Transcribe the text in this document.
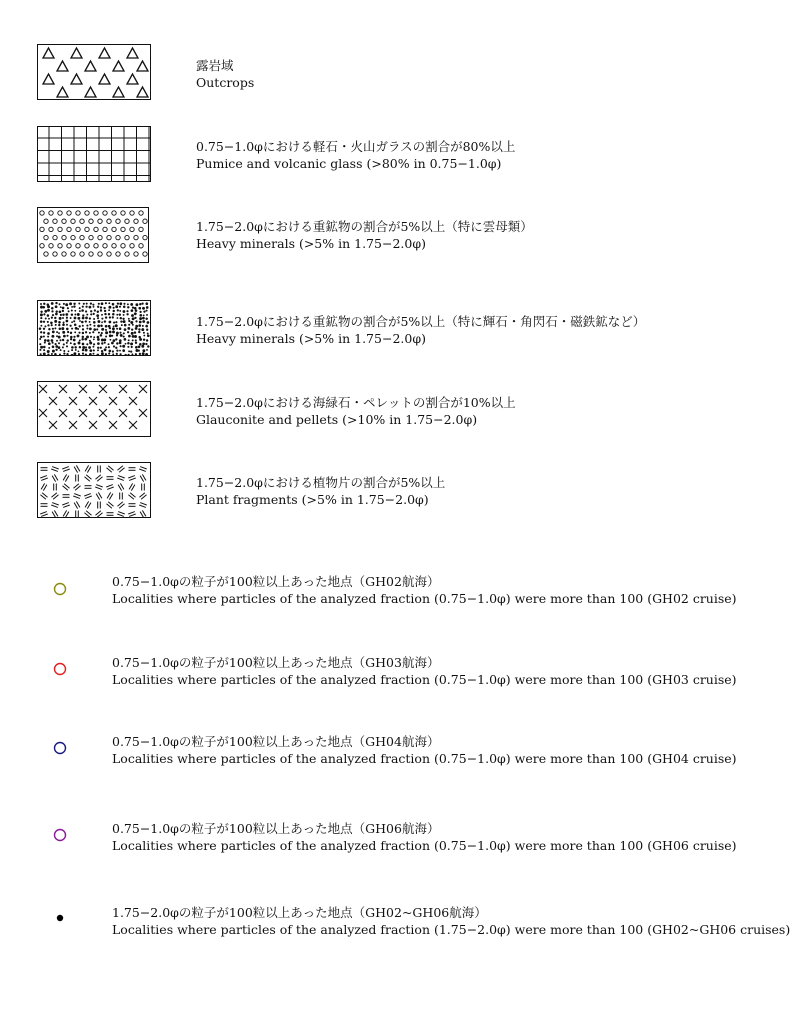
露岩域
Outcrops
0.75−1.0φにおける軽石・火山ガラスの割合が80%以上
Pumice and volcanic glass (>80% in 0.75−1.0φ)
1.75−2.0φにおける重鉱物の割合が5%以上（特に雲母類）
Heavy minerals (>5% in 1.75−2.0φ)
1.75−2.0φにおける重鉱物の割合が5%以上（特に輝石・角閃石・磁鉄鉱など）
Heavy minerals (>5% in 1.75−2.0φ)
1.75−2.0φにおける海緑石・ペレットの割合が10%以上
Glauconite and pellets (>10% in 1.75−2.0φ)
1.75−2.0φにおける植物片の割合が5%以上
Plant fragments (>5% in 1.75−2.0φ)
0.75−1.0φの粒子が100粒以上あった地点（GH02航海）
Localities where particles of the analyzed fraction (0.75−1.0φ) were more than 100 (GH02 cruise)
0.75−1.0φの粒子が100粒以上あった地点（GH03航海）
Localities where particles of the analyzed fraction (0.75−1.0φ) were more than 100 (GH03 cruise)
0.75−1.0φの粒子が100粒以上あった地点（GH04航海）
Localities where particles of the analyzed fraction (0.75−1.0φ) were more than 100 (GH04 cruise)
0.75−1.0φの粒子が100粒以上あった地点（GH06航海）
Localities where particles of the analyzed fraction (0.75−1.0φ) were more than 100 (GH06 cruise)
1.75−2.0φの粒子が100粒以上あった地点（GH02~GH06航海）
Localities where particles of the analyzed fraction (1.75−2.0φ) were more than 100 (GH02~GH06 cruises)
